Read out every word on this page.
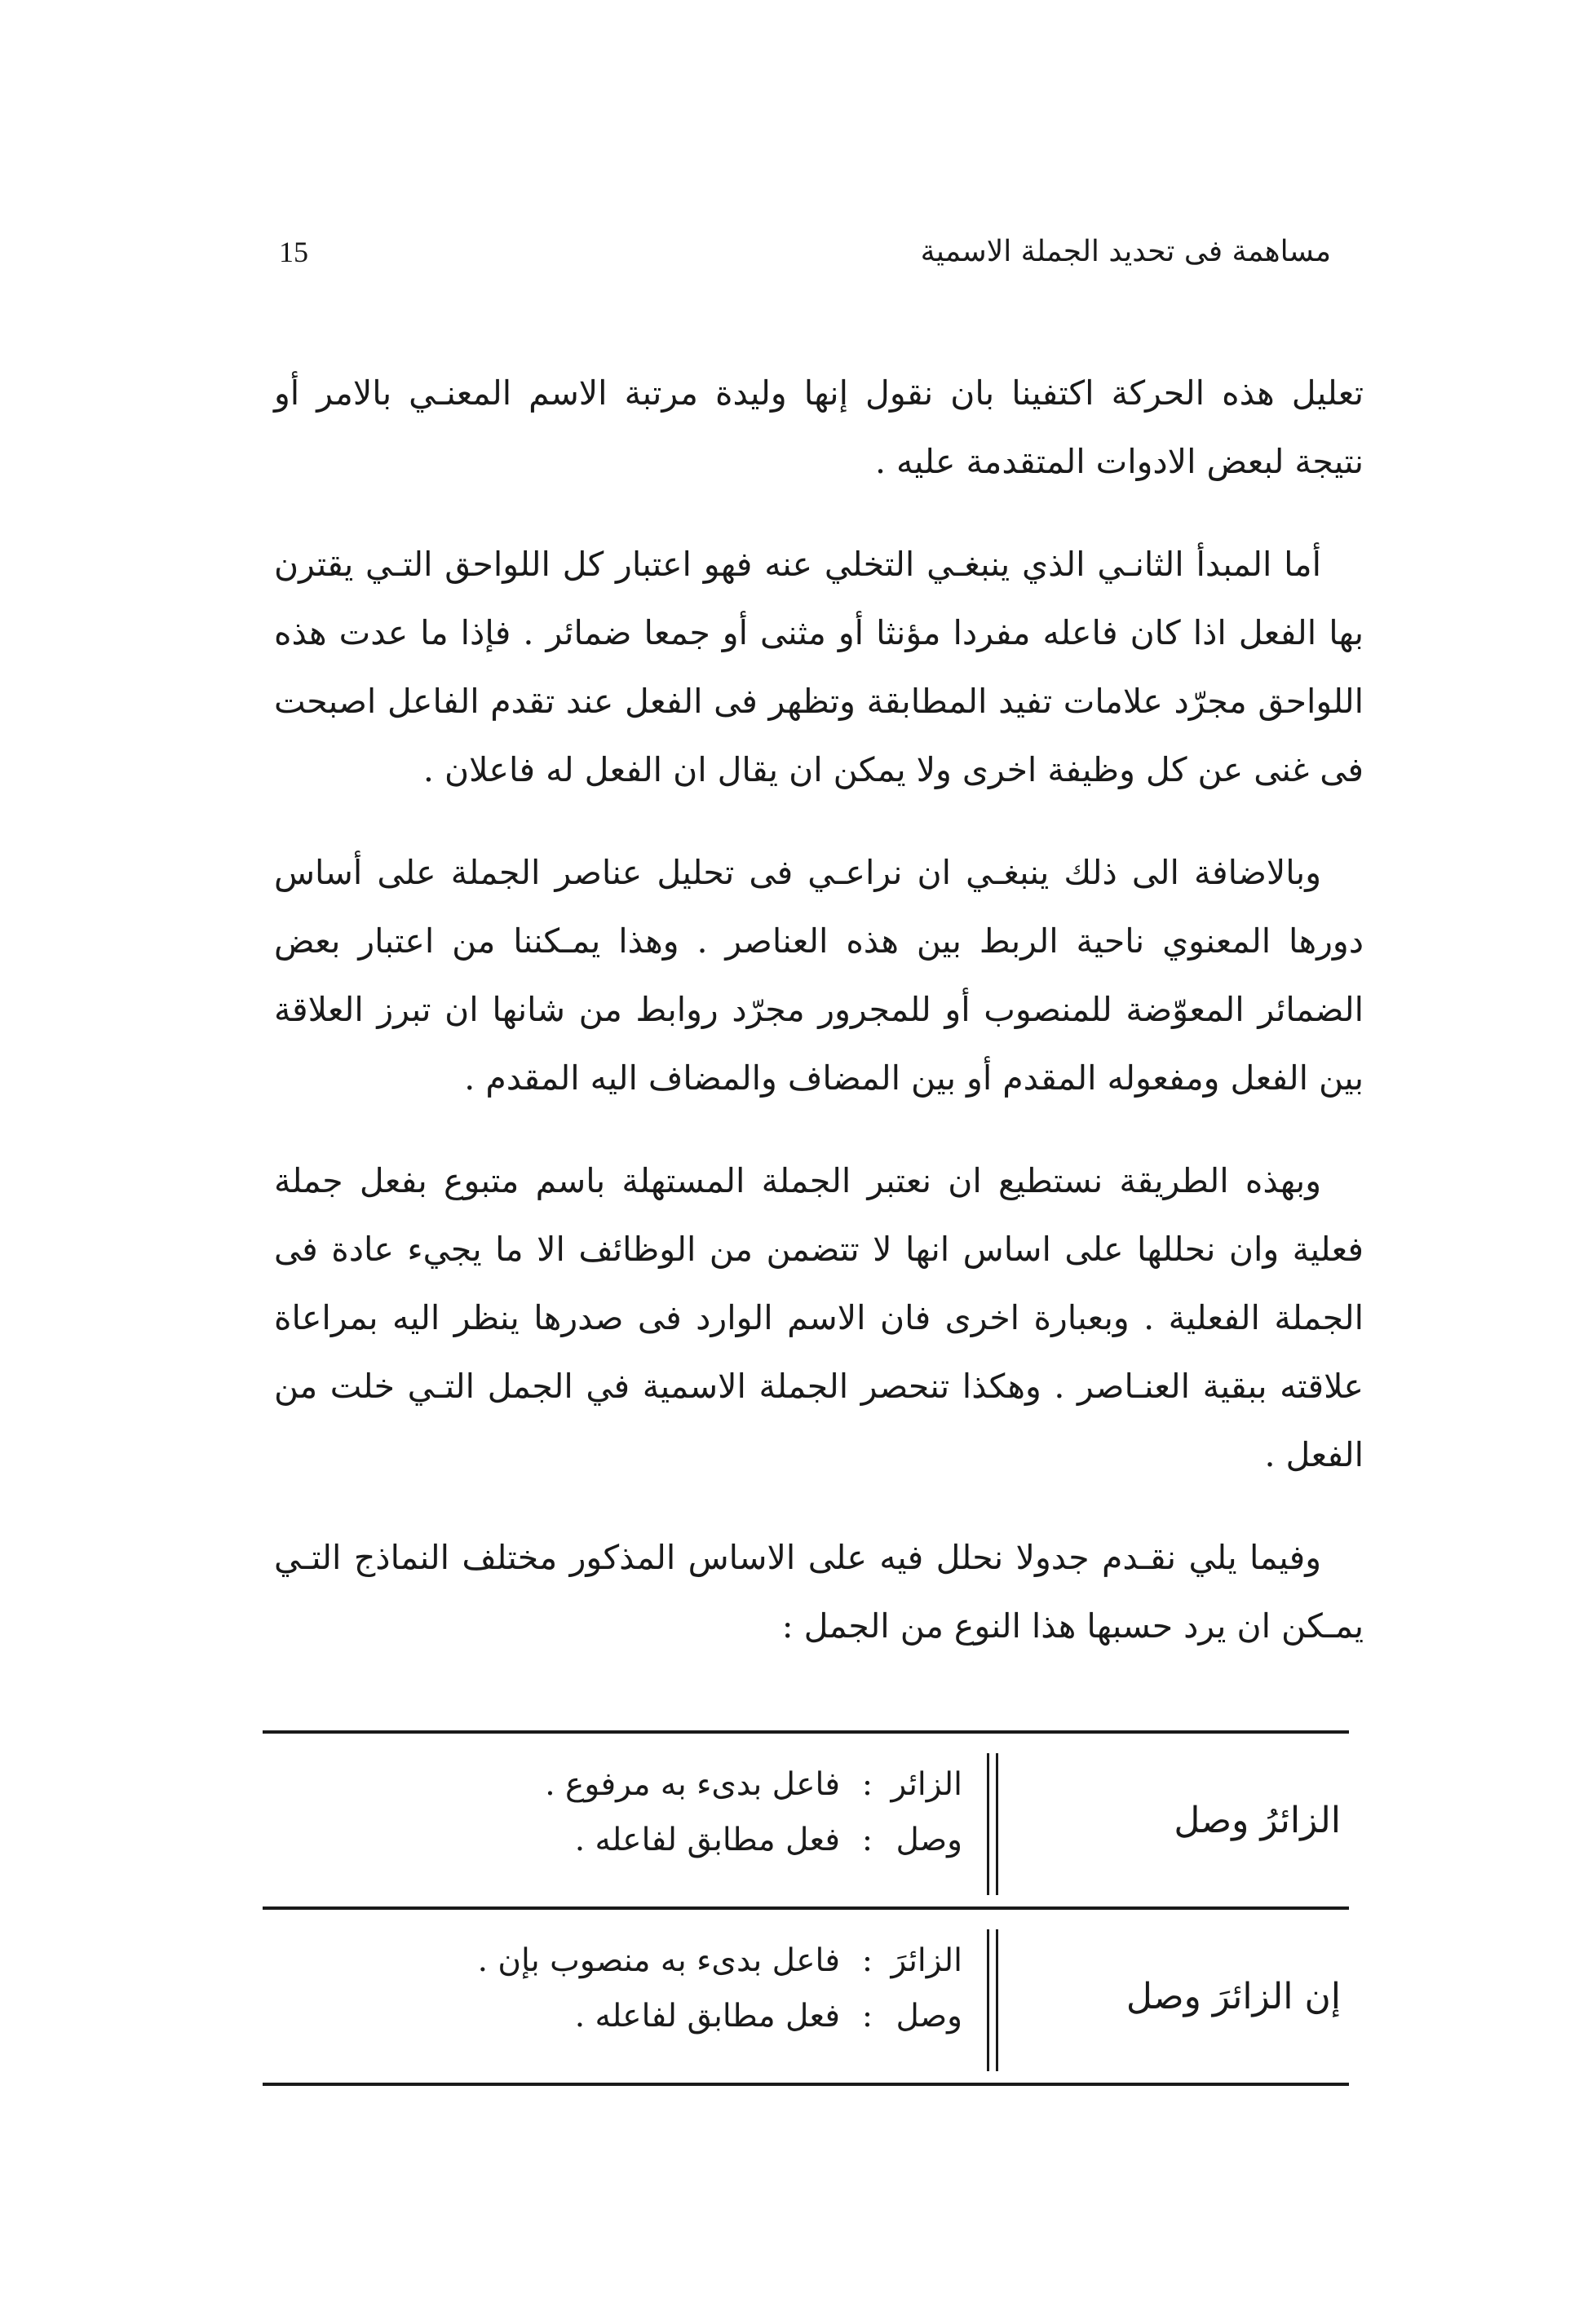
15	مساهمة فى تحديد الجملة الاسمية

تعليل هذه الحركة اكتفينا بان نقول إنها وليدة مرتبة الاسم المعنـي بالامر أو نتيجة لبعض الادوات المتقدمة عليه .

أما المبدأ الثانـي الذي ينبغـي التخلي عنه فهو اعتبار كل اللواحق التـي يقترن بها الفعل اذا كان فاعله مفردا مؤنثا أو مثنى أو جمعا ضمائر . فإذا ما عدت هذه اللواحق مجرّد علامات تفيد المطابقة وتظهر فى الفعل عند تقدم الفاعل اصبحت فى غنى عن كل وظيفة اخرى ولا يمكن ان يقال ان الفعل له فاعلان .

وبالاضافة الى ذلك ينبغـي ان نراعـي فى تحليل عناصر الجملة على أساس دورها المعنوي ناحية الربط بين هذه العناصر . وهذا يمـكننا من اعتبار بعض الضمائر المعوّضة للمنصوب أو للمجرور مجرّد روابط من شانها ان تبرز العلاقة بين الفعل ومفعوله المقدم أو بين المضاف والمضاف اليه المقدم .

وبهذه الطريقة نستطيع ان نعتبر الجملة المستهلة باسم متبوع بفعل جملة فعلية وان نحللها على اساس انها لا تتضمن من الوظائف الا ما يجيء عادة فى الجملة الفعلية . وبعبارة اخرى فان الاسم الوارد فى صدرها ينظر اليه بمراعاة علاقته ببقية العنـاصر . وهكذا تنحصر الجملة الاسمية في الجمل التـي خلت من الفعل .

وفيما يلي نقـدم جدولا نحلل فيه على الاساس المذكور مختلف النماذج التـي يمـكن ان يرد حسبها هذا النوع من الجمل :

الزائرُ وصل
الزائر
:
فاعل بدىء به مرفوع .
وصل
:
فعل مطابق لفاعله .
إن الزائرَ وصل
الزائرَ
:
فاعل بدىء به منصوب بإن .
وصل
:
فعل مطابق لفاعله .
